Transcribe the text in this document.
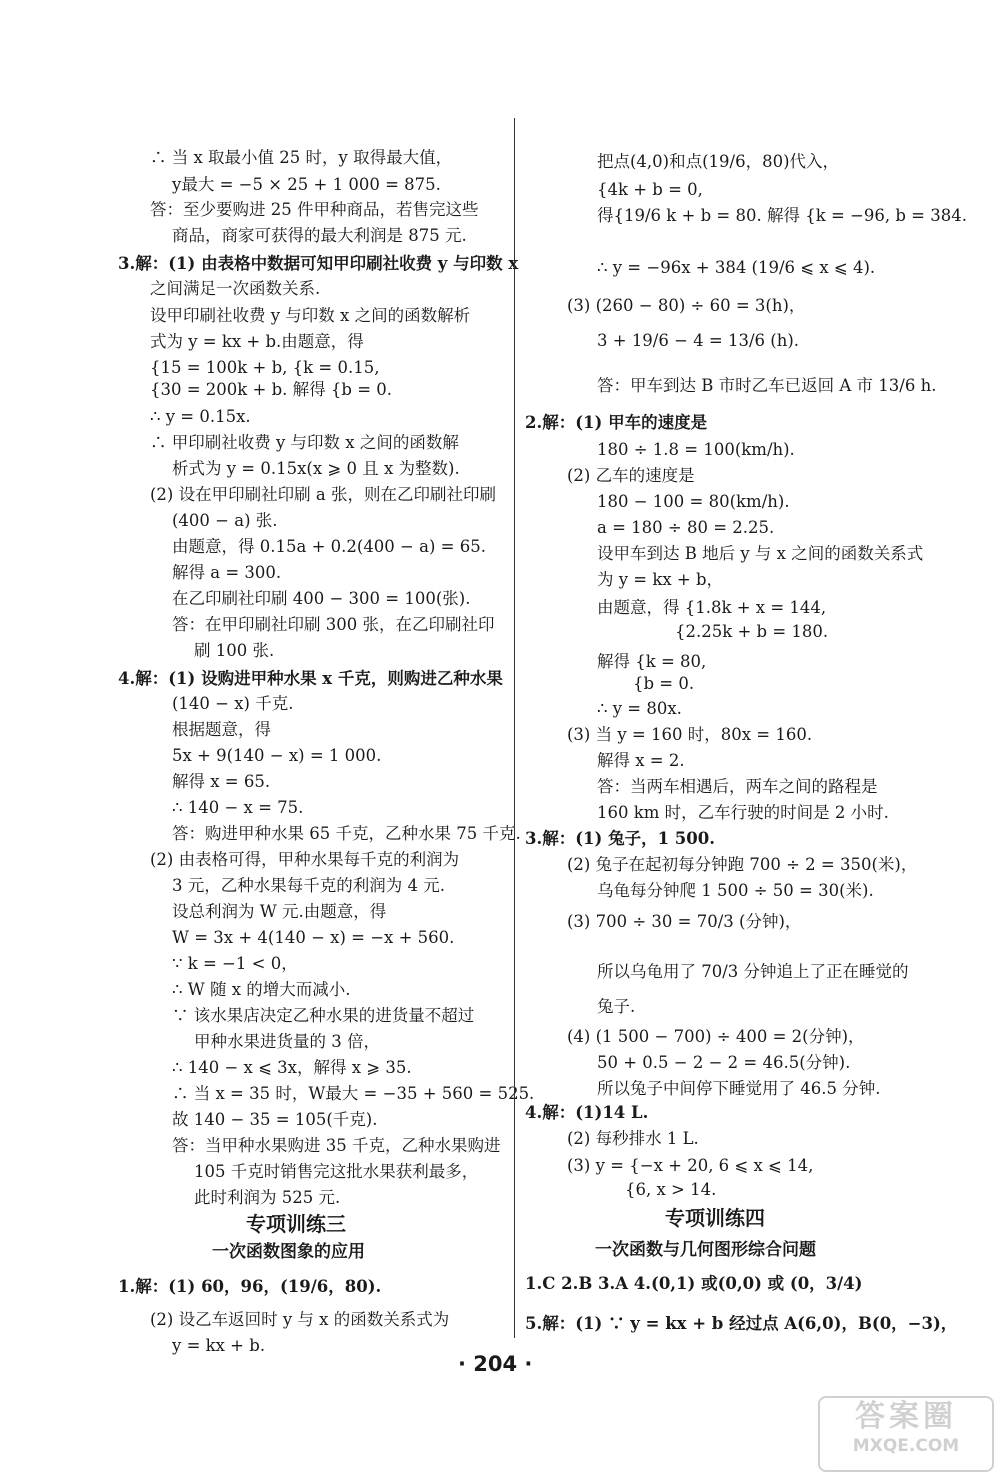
∴ 当 x 取最小值 25 时，y 取得最大值，
y最大 = −5 × 25 + 1 000 = 875.
答：至少要购进 25 件甲种商品，若售完这些
商品，商家可获得的最大利润是 875 元.
3.解：(1) 由表格中数据可知甲印刷社收费 y 与印数 x
之间满足一次函数关系.
设甲印刷社收费 y 与印数 x 之间的函数解析
式为 y = kx + b.由题意，得
{15 = 100k + b, {k = 0.15,
{30 = 200k + b. 解得 {b = 0.
∴ y = 0.15x.
∴ 甲印刷社收费 y 与印数 x 之间的函数解
析式为 y = 0.15x(x ⩾ 0 且 x 为整数).
(2) 设在甲印刷社印刷 a 张，则在乙印刷社印刷
(400 − a) 张.
由题意，得 0.15a + 0.2(400 − a) = 65.
解得 a = 300.
在乙印刷社印刷 400 − 300 = 100(张).
答：在甲印刷社印刷 300 张，在乙印刷社印
刷 100 张.
4.解：(1) 设购进甲种水果 x 千克，则购进乙种水果
(140 − x) 千克.
根据题意，得
5x + 9(140 − x) = 1 000.
解得 x = 65.
∴ 140 − x = 75.
答：购进甲种水果 65 千克，乙种水果 75 千克.
(2) 由表格可得，甲种水果每千克的利润为
3 元，乙种水果每千克的利润为 4 元.
设总利润为 W 元.由题意，得
W = 3x + 4(140 − x) = −x + 560.
∵ k = −1 < 0，
∴ W 随 x 的增大而减小.
∵ 该水果店决定乙种水果的进货量不超过
甲种水果进货量的 3 倍，
∴ 140 − x ⩽ 3x，解得 x ⩾ 35.
∴ 当 x = 35 时，W最大 = −35 + 560 = 525.
故 140 − 35 = 105(千克).
答：当甲种水果购进 35 千克，乙种水果购进
105 千克时销售完这批水果获利最多，
此时利润为 525 元.
专项训练三
一次函数图象的应用
1.解：(1) 60，96，(19/6，80).
(2) 设乙车返回时 y 与 x 的函数关系式为
y = kx + b.
把点(4,0)和点(19/6，80)代入，
{4k + b = 0,
得{19/6 k + b = 80. 解得 {k = −96, b = 384.
∴ y = −96x + 384 (19/6 ⩽ x ⩽ 4).
(3) (260 − 80) ÷ 60 = 3(h)，
3 + 19/6 − 4 = 13/6 (h).
答：甲车到达 B 市时乙车已返回 A 市 13/6 h.
2.解：(1) 甲车的速度是
180 ÷ 1.8 = 100(km/h).
(2) 乙车的速度是
180 − 100 = 80(km/h).
a = 180 ÷ 80 = 2.25.
设甲车到达 B 地后 y 与 x 之间的函数关系式
为 y = kx + b，
由题意，得 {1.8k + x = 144,
{2.25k + b = 180.
解得 {k = 80,
{b = 0.
∴ y = 80x.
(3) 当 y = 160 时，80x = 160.
解得 x = 2.
答：当两车相遇后，两车之间的路程是
160 km 时，乙车行驶的时间是 2 小时.
3.解：(1) 兔子，1 500.
(2) 兔子在起初每分钟跑 700 ÷ 2 = 350(米)，
乌龟每分钟爬 1 500 ÷ 50 = 30(米).
(3) 700 ÷ 30 = 70/3 (分钟)，
所以乌龟用了 70/3 分钟追上了正在睡觉的
兔子.
(4) (1 500 − 700) ÷ 400 = 2(分钟)，
50 + 0.5 − 2 − 2 = 46.5(分钟).
所以兔子中间停下睡觉用了 46.5 分钟.
4.解：(1)14 L.
(2) 每秒排水 1 L.
(3) y = {−x + 20, 6 ⩽ x ⩽ 14,
{6, x > 14.
专项训练四
一次函数与几何图形综合问题
1.C 2.B 3.A 4.(0,1) 或(0,0) 或 (0，3/4)
5.解：(1) ∵ y = kx + b 经过点 A(6,0)，B(0，−3)，
· 204 ·
答案圈
MXQE.COM
